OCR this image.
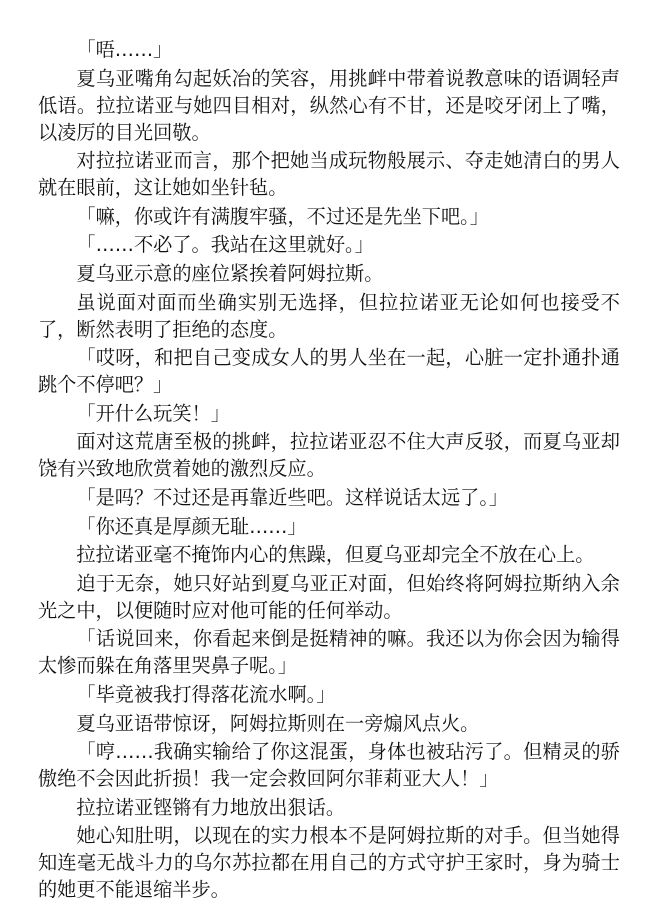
「唔……」

夏乌亚嘴角勾起妖冶的笑容，用挑衅中带着说教意味的语调轻声低语。拉拉诺亚与她四目相对，纵然心有不甘，还是咬牙闭上了嘴，以凌厉的目光回敬。

对拉拉诺亚而言，那个把她当成玩物般展示、夺走她清白的男人就在眼前，这让她如坐针毡。

「嘛，你或许有满腹牢骚，不过还是先坐下吧。」

「……不必了。我站在这里就好。」

夏乌亚示意的座位紧挨着阿姆拉斯。

虽说面对面而坐确实别无选择，但拉拉诺亚无论如何也接受不了，断然表明了拒绝的态度。

「哎呀，和把自己变成女人的男人坐在一起，心脏一定扑通扑通跳个不停吧？」

「开什么玩笑！」

面对这荒唐至极的挑衅，拉拉诺亚忍不住大声反驳，而夏乌亚却饶有兴致地欣赏着她的激烈反应。

「是吗？不过还是再靠近些吧。这样说话太远了。」

「你还真是厚颜无耻……」

拉拉诺亚毫不掩饰内心的焦躁，但夏乌亚却完全不放在心上。

迫于无奈，她只好站到夏乌亚正对面，但始终将阿姆拉斯纳入余光之中，以便随时应对他可能的任何举动。

「话说回来，你看起来倒是挺精神的嘛。我还以为你会因为输得太惨而躲在角落里哭鼻子呢。」

「毕竟被我打得落花流水啊。」

夏乌亚语带惊讶，阿姆拉斯则在一旁煽风点火。

「哼……我确实输给了你这混蛋，身体也被玷污了。但精灵的骄傲绝不会因此折损！我一定会救回阿尔菲莉亚大人！」

拉拉诺亚铿锵有力地放出狠话。

她心知肚明，以现在的实力根本不是阿姆拉斯的对手。但当她得知连毫无战斗力的乌尔苏拉都在用自己的方式守护王家时，身为骑士的她更不能退缩半步。
